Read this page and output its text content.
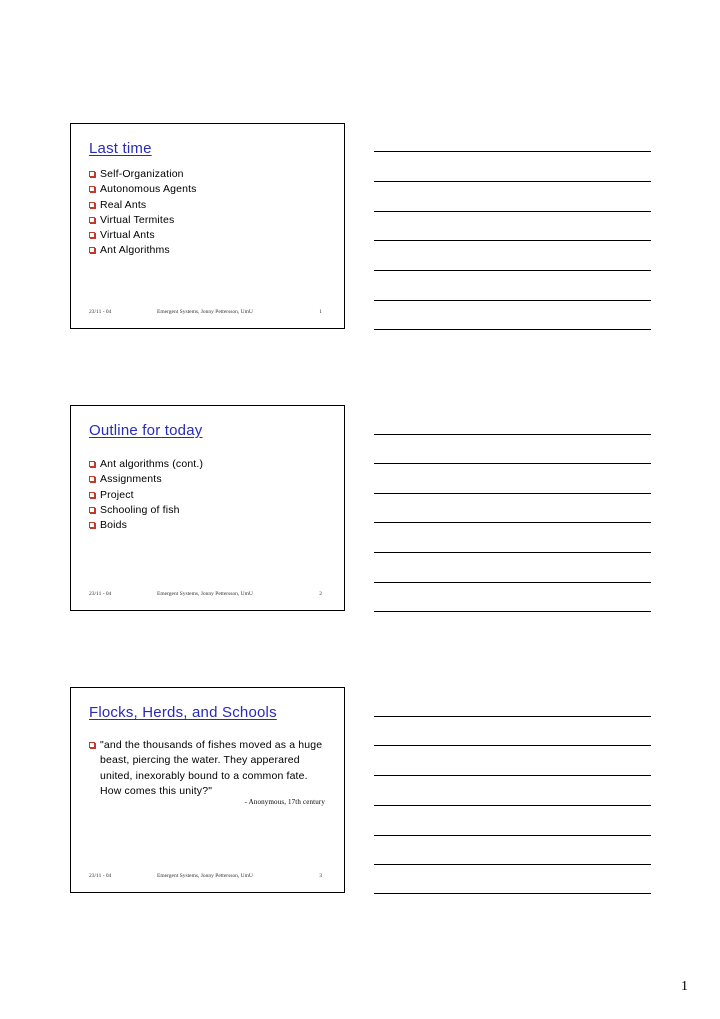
Last time
Self-Organization
Autonomous Agents
Real Ants
Virtual Termites
Virtual Ants
Ant Algorithms
23/11 - 04	Emergent Systems, Jonny Pettersson, UmU	1
Outline for today
Ant algorithms (cont.)
Assignments
Project
Schooling of fish
Boids
23/11 - 04	Emergent Systems, Jonny Pettersson, UmU	2
Flocks, Herds, and Schools
"and the thousands of fishes moved as a huge beast, piercing the water. They apperared united, inexorably bound to a common fate. How comes this unity?"
- Anonymous, 17th century
23/11 - 04	Emergent Systems, Jonny Pettersson, UmU	3
1
